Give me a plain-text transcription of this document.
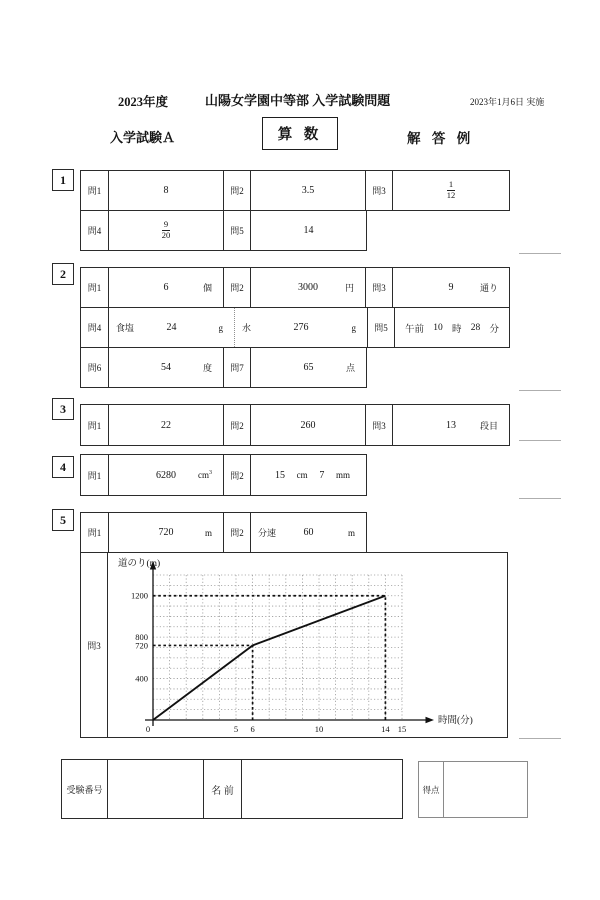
2023年度	山陽女学園中等部 入学試験問題	2023年1月6日 実施
入学試験Ａ	算 数	解 答 例
1
問1	8	問2	3.5	問3	$\frac{1}{12}$
問4	$\frac{9}{20}$	問5	14
2
問1	6	個	問2	3000	円	問3	9	通り
問4	食塩	24	g 水	276	g	問5	午前 10 時 28 分
問6	54	度	問7	65	点
3
問1	22	問2	260	問3	13	段目
4
問1	6280	$cm^3$	問2	15 cm 7 mm
5
問1	720	m	問2	分速	60	m
問3
0	5 6	10	14 15
400
720
800
1200
道のり(m)
時間(分)
受験番号	名 前	得点
